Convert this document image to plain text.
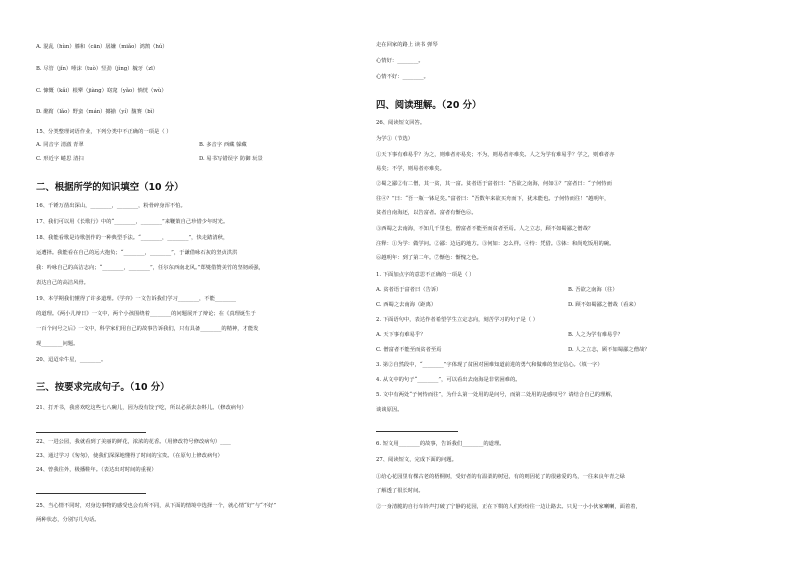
A. 混乱（hùn）膝和（cān）孱嫌（miǎo）鸿鹄（hú）
B. 尽管（jǐn）唾沫（tuò）竖劲（jìng）毓牙（zī）
C. 慷慨（kǎi）根犟（jiàng）窈窕（yǎo）惝恍（wù）
D. 酩酊（lǎo）野蛮（mán）揶揄（yí）馥赛（bì）
15、分类整理词语作业，下列分类中不正确的一项是（ ）
A. 同音字 清澈 青翠	B. 多音字 西藏 躲藏
C. 形近字 蜷思 清扫	D. 易书写错误字 防御 玩景
二、根据所学的知识填空（10 分）
16、千锤万凿出深山，________，________，粉骨碎身浑不怕。
17、我们可以用《长歌行》中的“________，________”来鞭策自己珍惜少年时光。
18、我能看歌是诗歌创作的一种典型手法。“________，________”，快走踏清秋，
运遭择。我能看在自己的远大抱负；“________，________”，于谦借咏石灰的坚贞洪洪
我：吟咏自己的高洁志向；“________，________”，任尔东西南北风。”郑燮借赞美竹的坚韧顽强，
表达自己的高洁风骨。
19、本学期我们懂得了许多道理。《学弈》一文告诉我们学习________，不能________
的道理。《两小儿辩日》一文中，两个小孩围绕着________的问题展开了辩论；在《真理诞生于
一百个问号之后》一文中，科学家们用自己的故事告诉我们，只有具备________的精神，才能发
现________问题。
20、迢迢牵牛星，________。
三、按要求完成句子。（10 分）
21、打开书，我喜欢吃这些七八碗儿，因为没有饺子吃，所以必须去杂料儿。（修改病句）
22、一进公园，我就看到了美丽的鲜花，浓浓的花香。（用修改符号修改病句）____
23、通过学习《匆匆》，使我们深深地懂得了时间的宝贵。（在原句上修改病句）
24、曾我往外，极播鞋年。（表达出对时间的重视）
25、当心情不同时，对身边事物的感受也会有所不同，从下面的情境中选择一个，就心情“好”与“不好”
两种状态，分别写几句话。
走在回家的路上 读书 弹琴
心情好：________。
心情不好：________。
四、阅读理解。（20 分）
26、阅读短文回答。
为学①（节选）
①天下事有难易乎？为之，则难者亦易矣；不为，则易者亦难矣。人之为学有难易乎？学之，则难者亦
易矣；不学，则易者亦难矣。
②蜀之鄙②有二僧，其一贫，其一富。贫者语于富者曰：“吾欲之南海，何如③？”富者曰：“子何恃而
往④？”曰：“吾一瓶一钵足矣。”富者曰：“吾数年来欲买舟而下，犹未能也。子何恃而往！”越明年，
贫者自南海还，以告富者。富者有惭色⑥。
③西蜀之去南海，不知几千里也，僧富者不能至而贫者至焉。人之立志，顾不如蜀鄙之僧哉？
注释：①为学：做学问。②鄙：边远的地方。③何如：怎么样。④恃：凭借。⑤钵：和尚吃饭用的碗。
⑥越明年：到了第二年。⑦惭色：惭愧之色。
1. 下面加点字的意思不正确的一项是（ ）
A. 贫者语于富者曰（告诉）	B. 吾欲之南海（往）
C. 西蜀之去南海（距离）	D. 顾不如蜀鄙之僧哉（看来）
2. 下面语句中，表达作者希望学生立定志向，刻苦学习的句子是（ ）
A. 天下事有难易乎？	B. 人之为学有难易乎？
C. 僧富者不能至而贫者至焉	D. 人之立志，顾不如蜀鄙之僧哉？
3. 第②自然段中，“________”字体现了贫困对困难知道前进的勇气和做难的坚定信心。（填一字）
4. 从文中的句子“________”，可以看出去南海是非常困难的。
5. 文中有两处“子何恃而往”，为什么第一处用的是问号，而第二处用的是感叹号？请结合自己的理解，
谈谈原因。
6. 短文用________的故事，告诉我们________的道理。
27、阅读短文，完成下面的问题。
①给心花园里有棵古老的梧桐树，受好者的有温柔的树冠，有的则因花了的很慈爱的鸟，一往来良年青之绿
了解透了很长时间。
②一身清脆的自行车铃声打破了宁静的花园，正在下棋的人们纷纷往一边让路去。只见一小小伙家喇喇，面着着，
